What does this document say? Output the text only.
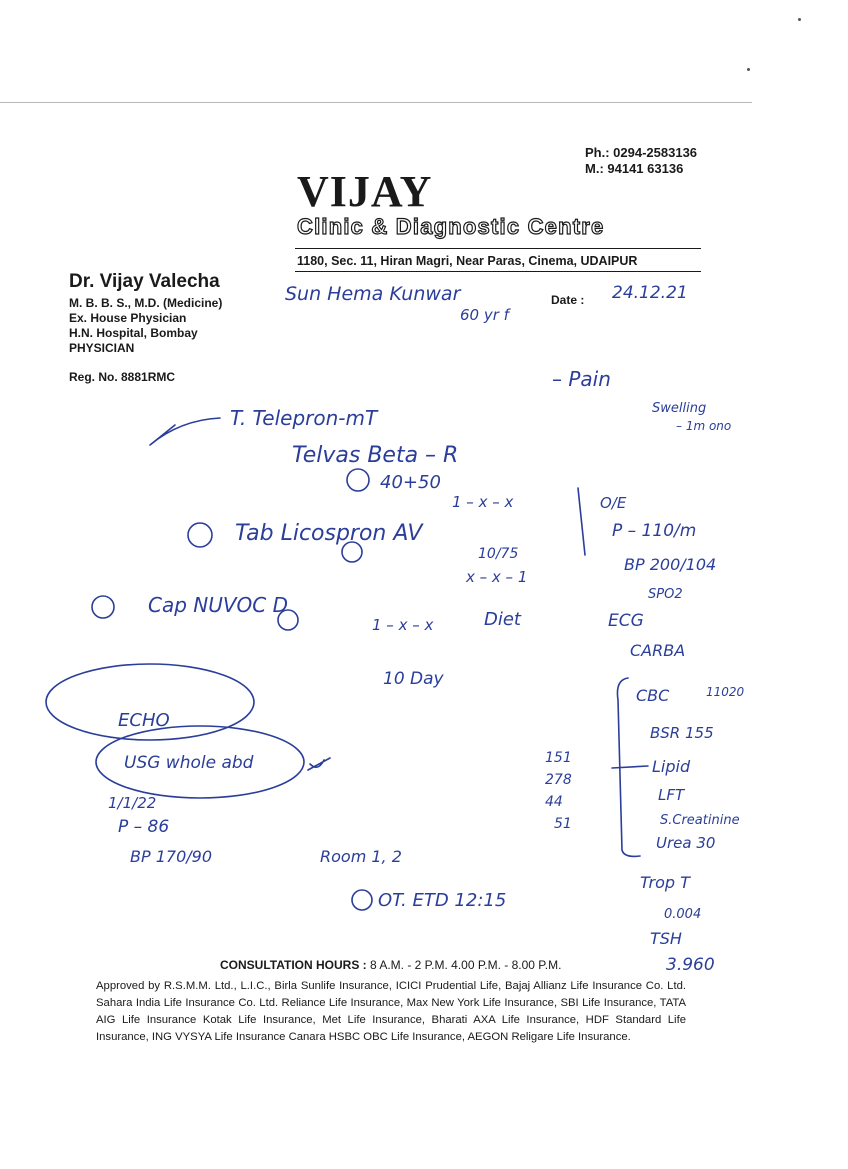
Ph.: 0294-2583136
M.: 94141 63136
VIJAY
Clinic & Diagnostic Centre
1180, Sec. 11, Hiran Magri, Near Paras, Cinema, UDAIPUR
Dr. Vijay Valecha
M. B. B. S., M.D. (Medicine)
Ex. House Physician
H.N. Hospital, Bombay
PHYSICIAN
Reg. No. 8881RMC
Date :
Sun Hema Kunwar
60 yr f
24.12.21
– Pain
Swelling
– 1m ono
T. Telepron-mT
Telvas Beta – R
40+50
1 – x – x
Tab Licospron AV
10/75
x – x – 1
Cap NUVOC D
1 – x – x
10 Day
Diet
O/E
P – 110/m
BP 200/104
SPO2
ECG
CARBA
CBC	11020
BSR 155
Lipid
LFT
S.Creatinine
Urea 30
151
278
44
51
Trop T
0.004
TSH
3.960
ECHO
USG whole abd
1/1/22
P – 86
BP 170/90	Room 1, 2
OT. ETD 12:15
CONSULTATION HOURS : 8 A.M. - 2 P.M. 4.00 P.M. - 8.00 P.M.
Approved by R.S.M.M. Ltd., L.I.C., Birla Sunlife Insurance, ICICI Prudential Life, Bajaj Allianz Life Insurance Co. Ltd. Sahara India Life Insurance Co. Ltd. Reliance Life Insurance, Max New York Life Insurance, SBI Life Insurance, TATA AIG Life Insurance Kotak Life Insurance, Met Life Insurance, Bharati AXA Life Insurance, HDF Standard Life Insurance, ING VYSYA Life Insurance Canara HSBC OBC Life Insurance, AEGON Religare Life Insurance.
